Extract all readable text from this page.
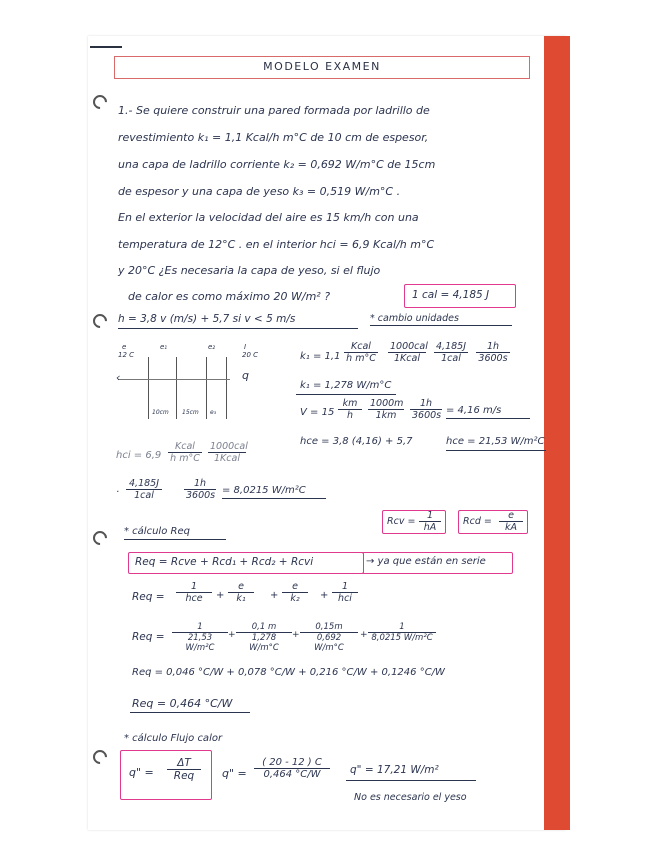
MODELO EXAMEN
1.- Se quiere construir una pared formada por ladrillo de
revestimiento k₁ = 1,1 Kcal/h m°C de 10 cm de espesor,
una capa de ladrillo corriente k₂ = 0,692 W/m°C de 15cm
de espesor y una capa de yeso k₃ = 0,519 W/m°C .
En el exterior la velocidad del aire es 15 km/h con una
temperatura de 12°C . en el interior hci = 6,9 Kcal/h m°C
y 20°C ¿Es necesaria la capa de yeso, si el flujo
de calor es como máximo 20 W/m² ?	1 cal = 4,185 J
h = 3,8 v (m/s) + 5,7 si v < 5 m/s	* cambio unidades
e	e₁	e₂	I
12 C	20 C
‹	q
10cm 15cm e₃
k₁ = 1,1
Kcal
h m°C
1000cal
1Kcal
4,185J
1cal
1h
3600s
k₁ = 1,278 W/m°C
V = 15
km
h
1000m
1km
1h
3600s = 4,16 m/s
hce = 3,8 (4,16) + 5,7	hce = 21,53 W/m²C
hci = 6,9
Kcal
h m°C
1000cal
1Kcal
·
4,185J
1cal
1h
3600s = 8,0215 W/m²C
Rcv =
1
hA
Rcd =
e
kA
* cálculo Req
Req = Rcve + Rcd₁ + Rcd₂ + Rcvi	→ ya que están en serie
Req =
1
hce	+
e
k₁	+
e
k₂	+
1
hci
Req =
1
21,53 W/m²C
+
0,1 m
1,278 W/m°C
+
0,15m
0,692 W/m°C
+
1
8,0215 W/m²C
Req = 0,046 °C/W + 0,078 °C/W + 0,216 °C/W + 0,1246 °C/W
Req = 0,464 °C/W
* cálculo Flujo calor
q" =
ΔT
Req	q" =
( 20 - 12 ) C
0,464 °C/W	q" = 17,21 W/m²
No es necesario el yeso
